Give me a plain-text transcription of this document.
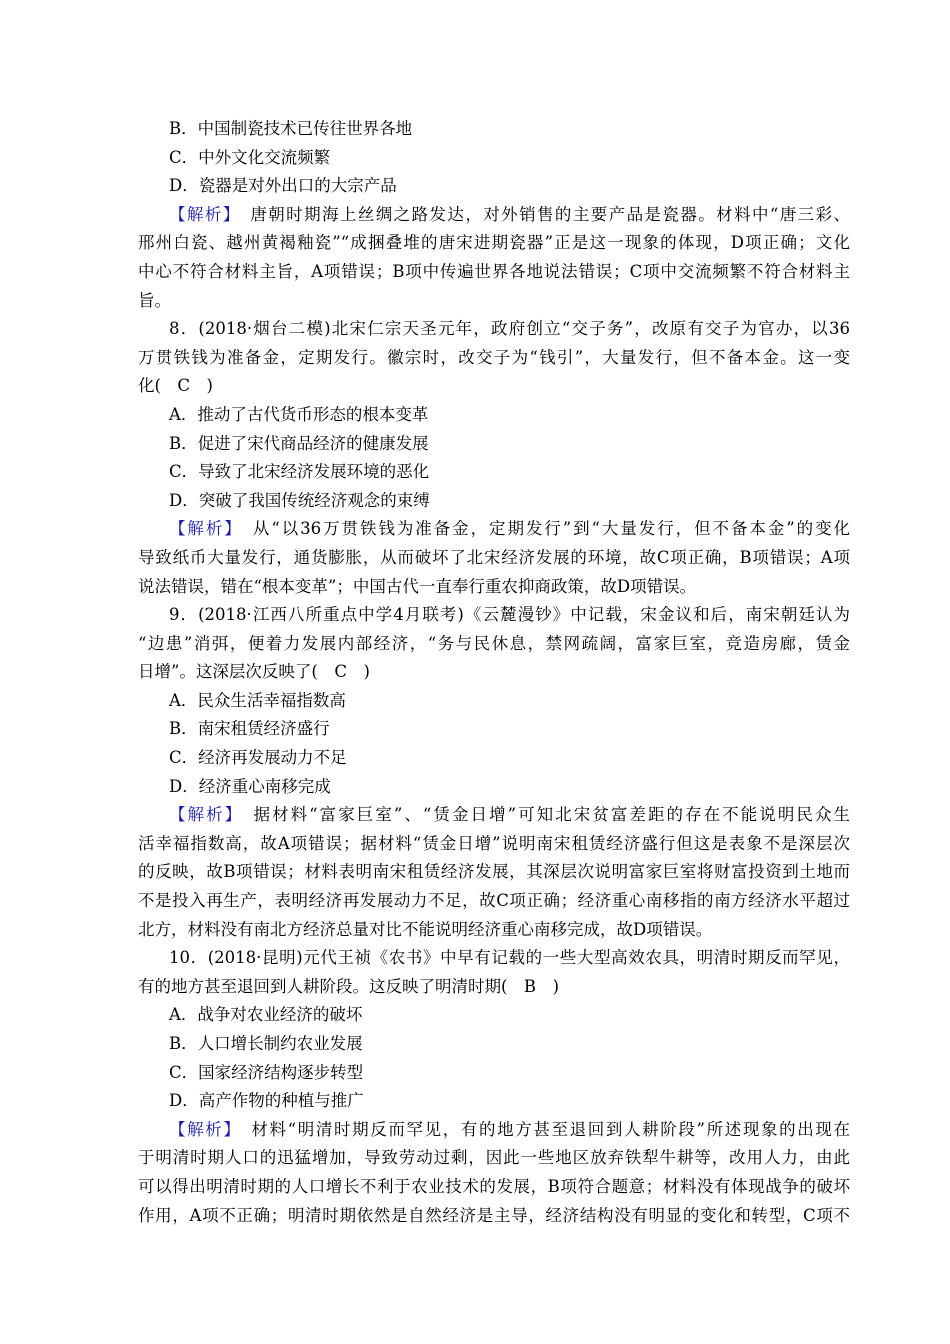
B．中国制瓷技术已传往世界各地
C．中外文化交流频繁
D．瓷器是对外出口的大宗产品
【解析】　唐朝时期海上丝绸之路发达，对外销售的主要产品是瓷器。材料中“唐三彩、
邢州白瓷、越州黄褐釉瓷”“成捆叠堆的唐宋进期瓷器”正是这一现象的体现，D项正确；文化
中心不符合材料主旨，A项错误；B项中传遍世界各地说法错误；C项中交流频繁不符合材料主
旨。
8．(2018·烟台二模)北宋仁宗天圣元年，政府创立“交子务”，改原有交子为官办，以36
万贯铁钱为准备金，定期发行。徽宗时，改交子为“钱引”，大量发行，但不备本金。这一变
化(　C　)
A．推动了古代货币形态的根本变革
B．促进了宋代商品经济的健康发展
C．导致了北宋经济发展环境的恶化
D．突破了我国传统经济观念的束缚
【解析】　从“以36万贯铁钱为准备金，定期发行”到“大量发行，但不备本金”的变化
导致纸币大量发行，通货膨胀，从而破坏了北宋经济发展的环境，故C项正确，B项错误；A项
说法错误，错在“根本变革”；中国古代一直奉行重农抑商政策，故D项错误。
9．(2018·江西八所重点中学4月联考)《云麓漫钞》中记载，宋金议和后，南宋朝廷认为
“边患”消弭，便着力发展内部经济，“务与民休息，禁网疏阔，富家巨室，竞造房廊，赁金
日增”。这深层次反映了(　C　)
A．民众生活幸福指数高
B．南宋租赁经济盛行
C．经济再发展动力不足
D．经济重心南移完成
【解析】　据材料“富家巨室”、“赁金日增”可知北宋贫富差距的存在不能说明民众生
活幸福指数高，故A项错误；据材料“赁金日增”说明南宋租赁经济盛行但这是表象不是深层次
的反映，故B项错误；材料表明南宋租赁经济发展，其深层次说明富家巨室将财富投资到土地而
不是投入再生产，表明经济再发展动力不足，故C项正确；经济重心南移指的南方经济水平超过
北方，材料没有南北方经济总量对比不能说明经济重心南移完成，故D项错误。
10．(2018·昆明)元代王祯《农书》中早有记载的一些大型高效农具，明清时期反而罕见，
有的地方甚至退回到人耕阶段。这反映了明清时期(　B　)
A．战争对农业经济的破坏
B．人口增长制约农业发展
C．国家经济结构逐步转型
D．高产作物的种植与推广
【解析】　材料“明清时期反而罕见，有的地方甚至退回到人耕阶段”所述现象的出现在
于明清时期人口的迅猛增加，导致劳动过剩，因此一些地区放弃铁犁牛耕等，改用人力，由此
可以得出明清时期的人口增长不利于农业技术的发展，B项符合题意；材料没有体现战争的破坏
作用，A项不正确；明清时期依然是自然经济是主导，经济结构没有明显的变化和转型，C项不
